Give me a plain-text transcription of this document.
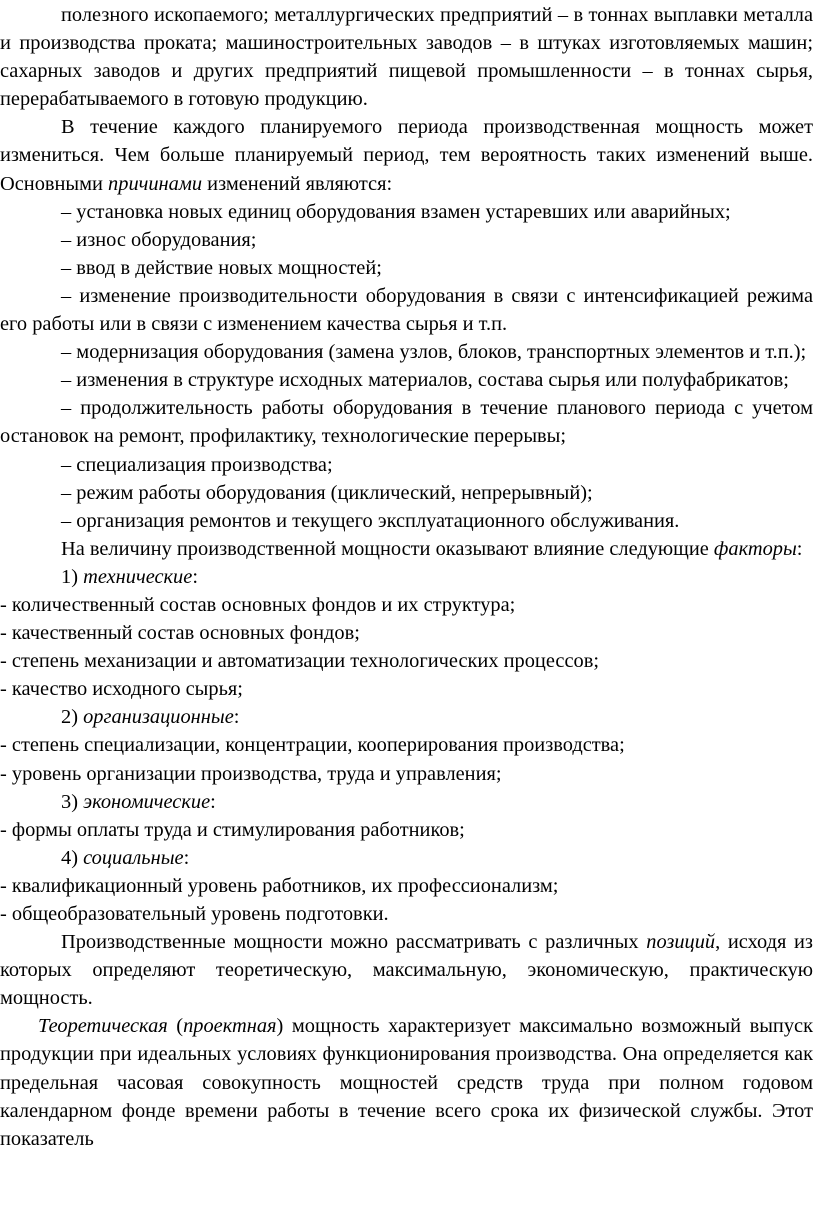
полезного ископаемого; металлургических предприятий – в тоннах выплавки металла и производства проката; машиностроительных заводов – в штуках изготовляемых машин; сахарных заводов и других предприятий пищевой промышленности – в тоннах сырья, перерабатываемого в готовую продукцию.

В течение каждого планируемого периода производственная мощность может измениться. Чем больше планируемый период, тем вероятность таких изменений выше. Основными причинами изменений являются:

– установка новых единиц оборудования взамен устаревших или аварийных;

– износ оборудования;

– ввод в действие новых мощностей;

– изменение производительности оборудования в связи с интенсификацией режима его работы или в связи с изменением качества сырья и т.п.

– модернизация оборудования (замена узлов, блоков, транспортных элементов и т.п.);

– изменения в структуре исходных материалов, состава сырья или полуфабрикатов;

– продолжительность работы оборудования в течение планового периода с учетом остановок на ремонт, профилактику, технологические перерывы;

– специализация производства;

– режим работы оборудования (циклический, непрерывный);

– организация ремонтов и текущего эксплуатационного обслуживания.

На величину производственной мощности оказывают влияние следующие факторы:

1) технические:

- количественный состав основных фондов и их структура;

- качественный состав основных фондов;

- степень механизации и автоматизации технологических процессов;

- качество исходного сырья;

2) организационные:

- степень специализации, концентрации, кооперирования производства;

- уровень организации производства, труда и управления;

3) экономические:

- формы оплаты труда и стимулирования работников;

4) социальные:

- квалификационный уровень работников, их профессионализм;

- общеобразовательный уровень подготовки.

Производственные мощности можно рассматривать с различных позиций, исходя из которых определяют теоретическую, максимальную, экономическую, практическую мощность.

Теоретическая (проектная) мощность характеризует максимально возможный выпуск продукции при идеальных условиях функционирования производства. Она определяется как предельная часовая совокупность мощностей средств труда при полном годовом календарном фонде времени работы в течение всего срока их физической службы. Этот показатель
